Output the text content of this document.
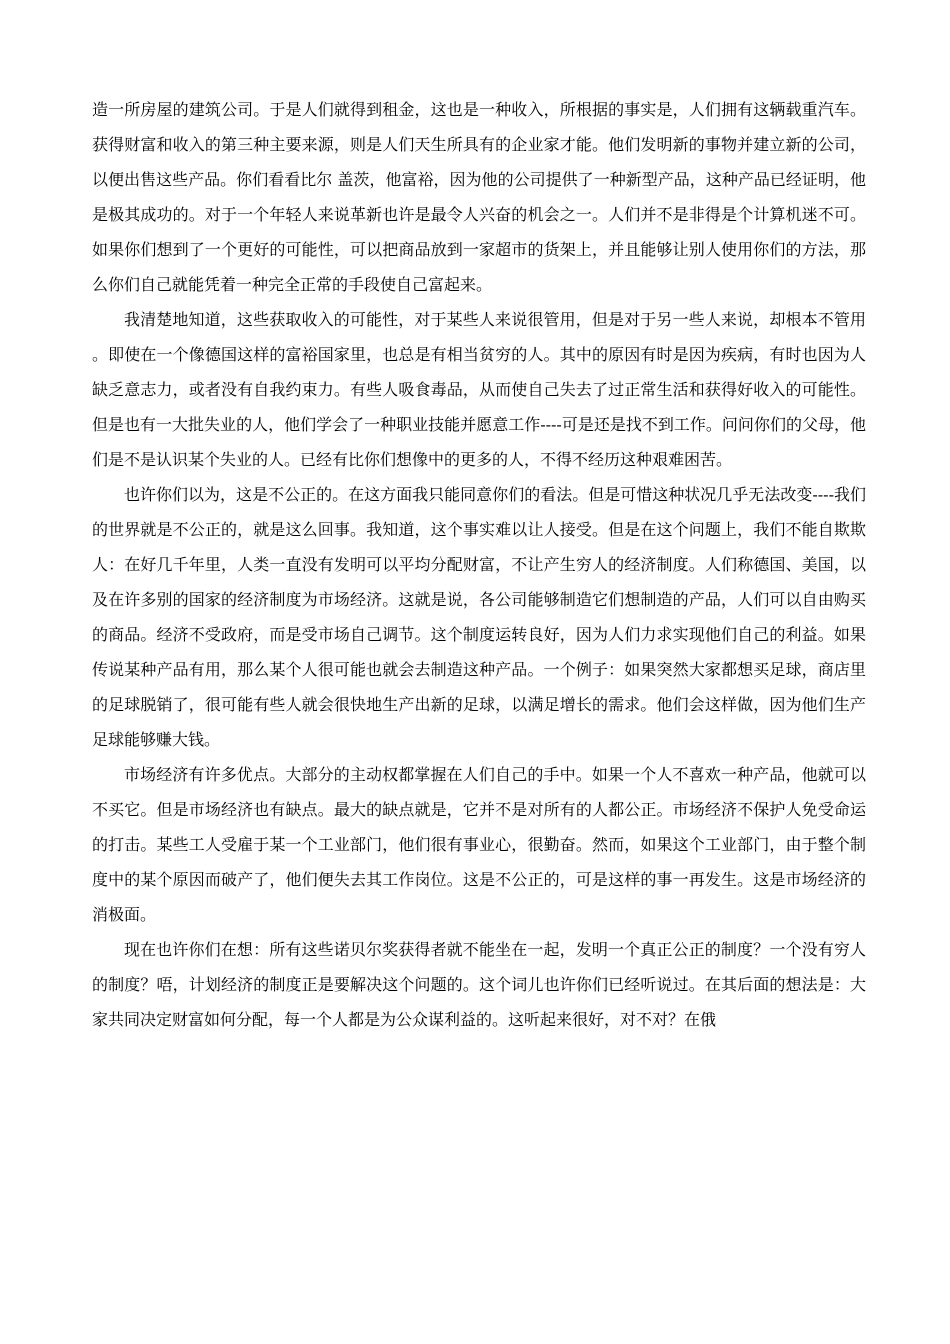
造一所房屋的建筑公司。于是人们就得到租金，这也是一种收入，所根据的事实是，人们拥有这辆载重汽车。获得财富和收入的第三种主要来源，则是人们天生所具有的企业家才能。他们发明新的事物并建立新的公司，以便出售这些产品。你们看看比尔 盖茨，他富裕，因为他的公司提供了一种新型产品，这种产品已经证明，他是极其成功的。对于一个年轻人来说革新也许是最令人兴奋的机会之一。人们并不是非得是个计算机迷不可。如果你们想到了一个更好的可能性，可以把商品放到一家超市的货架上，并且能够让别人使用你们的方法，那么你们自己就能凭着一种完全正常的手段使自己富起来。

我清楚地知道，这些获取收入的可能性，对于某些人来说很管用，但是对于另一些人来说，却根本不管用。即使在一个像德国这样的富裕国家里，也总是有相当贫穷的人。其中的原因有时是因为疾病，有时也因为人缺乏意志力，或者没有自我约束力。有些人吸食毒品，从而使自己失去了过正常生活和获得好收入的可能性。但是也有一大批失业的人，他们学会了一种职业技能并愿意工作----可是还是找不到工作。问问你们的父母，他们是不是认识某个失业的人。已经有比你们想像中的更多的人，不得不经历这种艰难困苦。

也许你们以为，这是不公正的。在这方面我只能同意你们的看法。但是可惜这种状况几乎无法改变----我们的世界就是不公正的，就是这么回事。我知道，这个事实难以让人接受。但是在这个问题上，我们不能自欺欺人：在好几千年里，人类一直没有发明可以平均分配财富，不让产生穷人的经济制度。人们称德国、美国，以及在许多别的国家的经济制度为市场经济。这就是说，各公司能够制造它们想制造的产品，人们可以自由购买的商品。经济不受政府，而是受市场自己调节。这个制度运转良好，因为人们力求实现他们自己的利益。如果传说某种产品有用，那么某个人很可能也就会去制造这种产品。一个例子：如果突然大家都想买足球，商店里的足球脱销了，很可能有些人就会很快地生产出新的足球，以满足增长的需求。他们会这样做，因为他们生产足球能够赚大钱。

市场经济有许多优点。大部分的主动权都掌握在人们自己的手中。如果一个人不喜欢一种产品，他就可以不买它。但是市场经济也有缺点。最大的缺点就是，它并不是对所有的人都公正。市场经济不保护人免受命运的打击。某些工人受雇于某一个工业部门，他们很有事业心，很勤奋。然而，如果这个工业部门，由于整个制度中的某个原因而破产了，他们便失去其工作岗位。这是不公正的，可是这样的事一再发生。这是市场经济的消极面。

现在也许你们在想：所有这些诺贝尔奖获得者就不能坐在一起，发明一个真正公正的制度？一个没有穷人的制度？唔，计划经济的制度正是要解决这个问题的。这个词儿也许你们已经听说过。在其后面的想法是：大家共同决定财富如何分配，每一个人都是为公众谋利益的。这听起来很好，对不对？在俄
